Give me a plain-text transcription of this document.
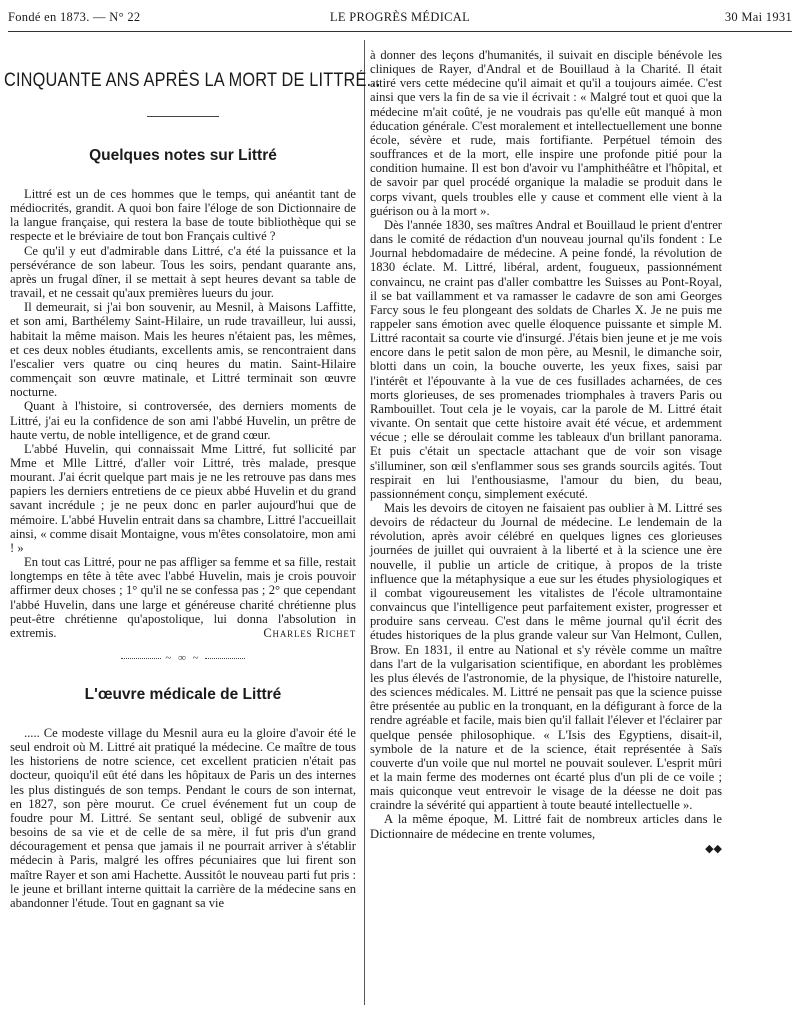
Fondé en 1873. — N° 22	LE PROGRÈS MÉDICAL	30 Mai 1931
CINQUANTE ANS APRÈS LA MORT DE LITTRÉ...
Quelques notes sur Littré

Littré est un de ces hommes que le temps, qui anéantit tant de médiocrités, grandit. A quoi bon faire l'éloge de son Dictionnaire de la langue française, qui restera la base de toute bibliothèque qui se respecte et le bréviaire de tout bon Français cultivé ?

Ce qu'il y eut d'admirable dans Littré, c'a été la puissance et la persévérance de son labeur. Tous les soirs, pendant quarante ans, après un frugal dîner, il se mettait à sept heures devant sa table de travail, et ne cessait qu'aux premières lueurs du jour.

Il demeurait, si j'ai bon souvenir, au Mesnil, à Maisons Laffitte, et son ami, Barthélemy Saint-Hilaire, un rude travailleur, lui aussi, habitait la même maison. Mais les heures n'étaient pas, les mêmes, et ces deux nobles étudiants, excellents amis, se rencontraient dans l'escalier vers quatre ou cinq heures du matin. Saint-Hilaire commençait son œuvre matinale, et Littré terminait son œuvre nocturne.

Quant à l'histoire, si controversée, des derniers moments de Littré, j'ai eu la confidence de son ami l'abbé Huvelin, un prêtre de haute vertu, de noble intelligence, et de grand cœur.

L'abbé Huvelin, qui connaissait Mme Littré, fut sollicité par Mme et Mlle Littré, d'aller voir Littré, très malade, presque mourant. J'ai écrit quelque part mais je ne les retrouve pas dans mes papiers les derniers entretiens de ce pieux abbé Huvelin et du grand savant incrédule ; je ne peux donc en parler aujourd'hui que de mémoire. L'abbé Huvelin entrait dans sa chambre, Littré l'accueillait ainsi, « comme disait Montaigne, vous m'êtes consolatoire, mon ami ! »

En tout cas Littré, pour ne pas affliger sa femme et sa fille, restait longtemps en tête à tête avec l'abbé Huvelin, mais je crois pouvoir affirmer deux choses ; 1° qu'il ne se confessa pas ; 2° que cependant l'abbé Huvelin, dans une large et généreuse charité chrétienne plus peut-être chrétienne qu'apostolique, lui donna l'absolution in extremis.	Charles Richet

~ ∞ ~
L'œuvre médicale de Littré

..... Ce modeste village du Mesnil aura eu la gloire d'avoir été le seul endroit où M. Littré ait pratiqué la médecine. Ce maître de tous les historiens de notre science, cet excellent praticien n'était pas docteur, quoiqu'il eût été dans les hôpitaux de Paris un des internes les plus distingués de son temps. Pendant le cours de son internat, en 1827, son père mourut. Ce cruel événement fut un coup de foudre pour M. Littré. Se sentant seul, obligé de subvenir aux besoins de sa vie et de celle de sa mère, il fut pris d'un grand découragement et pensa que jamais il ne pourrait arriver à s'établir médecin à Paris, malgré les offres pécuniaires que lui firent son maître Rayer et son ami Hachette. Aussitôt le nouveau parti fut pris : le jeune et brillant interne quittait la carrière de la médecine sans en abandonner l'étude. Tout en gagnant sa vie

à donner des leçons d'humanités, il suivait en disciple bénévole les cliniques de Rayer, d'Andral et de Bouillaud à la Charité. Il était attiré vers cette médecine qu'il aimait et qu'il a toujours aimée. C'est ainsi que vers la fin de sa vie il écrivait : « Malgré tout et quoi que la médecine m'ait coûté, je ne voudrais pas qu'elle eût manqué à mon éducation générale. C'est moralement et intellectuellement une bonne école, sévère et rude, mais fortifiante. Perpétuel témoin des souffrances et de la mort, elle inspire une profonde pitié pour la condition humaine. Il est bon d'avoir vu l'amphithéâtre et l'hôpital, et de savoir par quel procédé organique la maladie se produit dans le corps vivant, quels troubles elle y cause et comment elle vient à la guérison ou à la mort ».

Dès l'année 1830, ses maîtres Andral et Bouillaud le prient d'entrer dans le comité de rédaction d'un nouveau journal qu'ils fondent : Le Journal hebdomadaire de médecine. A peine fondé, la révolution de 1830 éclate. M. Littré, libéral, ardent, fougueux, passionnément convaincu, ne craint pas d'aller combattre les Suisses au Pont-Royal, il se bat vaillamment et va ramasser le cadavre de son ami Georges Farcy sous le feu plongeant des soldats de Charles X. Je ne puis me rappeler sans émotion avec quelle éloquence puissante et simple M. Littré racontait sa courte vie d'insurgé. J'étais bien jeune et je me vois encore dans le petit salon de mon père, au Mesnil, le dimanche soir, blotti dans un coin, la bouche ouverte, les yeux fixes, saisi par l'intérêt et l'épouvante à la vue de ces fusillades acharnées, de ces morts glorieuses, de ses promenades triomphales à travers Paris ou Rambouillet. Tout cela je le voyais, car la parole de M. Littré était vivante. On sentait que cette histoire avait été vécue, et ardemment vécue ; elle se déroulait comme les tableaux d'un brillant panorama. Et puis c'était un spectacle attachant que de voir son visage s'illuminer, son œil s'enflammer sous ses grands sourcils agités. Tout respirait en lui l'enthousiasme, l'amour du bien, du beau, passionnément conçu, simplement exécuté.

Mais les devoirs de citoyen ne faisaient pas oublier à M. Littré ses devoirs de rédacteur du Journal de médecine. Le lendemain de la révolution, après avoir célébré en quelques lignes ces glorieuses journées de juillet qui ouvraient à la liberté et à la science une ère nouvelle, il publie un article de critique, à propos de la triste influence que la métaphysique a eue sur les études physiologiques et il combat vigoureusement les vitalistes de l'école ultramontaine convaincus que l'intelligence peut parfaitement exister, progresser et produire sans cerveau. C'est dans le même journal qu'il écrit des études historiques de la plus grande valeur sur Van Helmont, Cullen, Brow. En 1831, il entre au National et s'y révèle comme un maître dans l'art de la vulgarisation scientifique, en abordant les problèmes les plus élevés de l'astronomie, de la physique, de l'histoire naturelle, des sciences médicales. M. Littré ne pensait pas que la science puisse être présentée au public en la tronquant, en la défigurant à force de la rendre agréable et facile, mais bien qu'il fallait l'élever et l'éclairer par quelque pensée philosophique. « L'Isis des Egyptiens, disait-il, symbole de la nature et de la science, était représentée à Saïs couverte d'un voile que nul mortel ne pouvait soulever. L'esprit mûri et la main ferme des modernes ont écarté plus d'un pli de ce voile ; mais quiconque veut entrevoir le visage de la déesse ne doit pas craindre la sévérité qui appartient à toute beauté intellectuelle ».

A la même époque, M. Littré fait de nombreux articles dans le Dictionnaire de médecine en trente volumes,

◆◆
